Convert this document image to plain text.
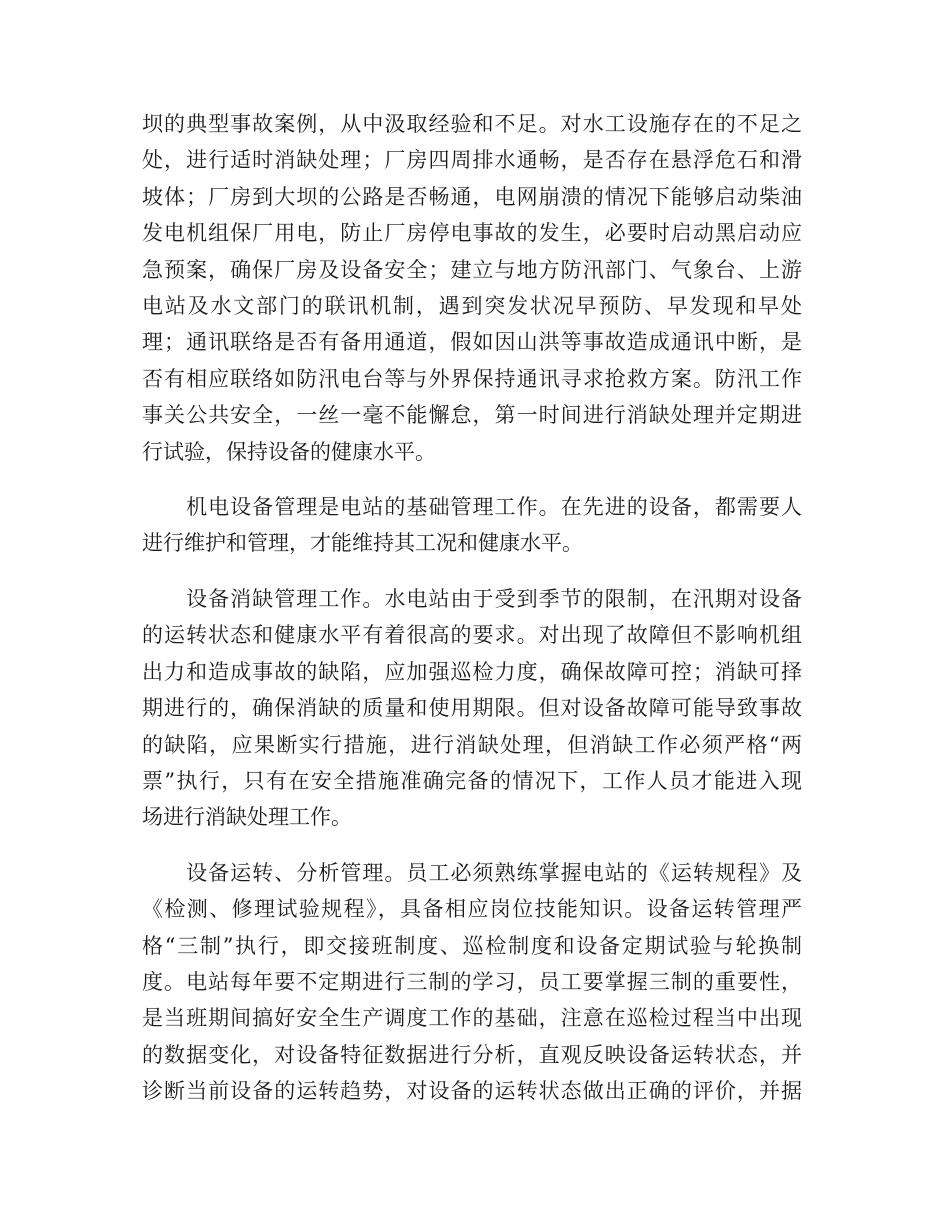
坝的典型事故案例，从中汲取经验和不足。对水工设施存在的不足之
处，进行适时消缺处理；厂房四周排水通畅，是否存在悬浮危石和滑
坡体；厂房到大坝的公路是否畅通，电网崩溃的情况下能够启动柴油
发电机组保厂用电，防止厂房停电事故的发生，必要时启动黑启动应
急预案，确保厂房及设备安全；建立与地方防汛部门、气象台、上游
电站及水文部门的联讯机制，遇到突发状况早预防、早发现和早处
理；通讯联络是否有备用通道，假如因山洪等事故造成通讯中断，是
否有相应联络如防汛电台等与外界保持通讯寻求抢救方案。防汛工作
事关公共安全，一丝一毫不能懈怠，第一时间进行消缺处理并定期进
行试验，保持设备的健康水平。

　　机电设备管理是电站的基础管理工作。在先进的设备，都需要人
进行维护和管理，才能维持其工况和健康水平。

　　设备消缺管理工作。水电站由于受到季节的限制，在汛期对设备
的运转状态和健康水平有着很高的要求。对出现了故障但不影响机组
出力和造成事故的缺陷，应加强巡检力度，确保故障可控；消缺可择
期进行的，确保消缺的质量和使用期限。但对设备故障可能导致事故
的缺陷，应果断实行措施，进行消缺处理，但消缺工作必须严格“两
票”执行，只有在安全措施准确完备的情况下，工作人员才能进入现
场进行消缺处理工作。

　　设备运转、分析管理。员工必须熟练掌握电站的《运转规程》及
《检测、修理试验规程》，具备相应岗位技能知识。设备运转管理严
格“三制”执行，即交接班制度、巡检制度和设备定期试验与轮换制
度。电站每年要不定期进行三制的学习，员工要掌握三制的重要性，
是当班期间搞好安全生产调度工作的基础，注意在巡检过程当中出现
的数据变化，对设备特征数据进行分析，直观反映设备运转状态，并
诊断当前设备的运转趋势，对设备的运转状态做出正确的评价，并据
